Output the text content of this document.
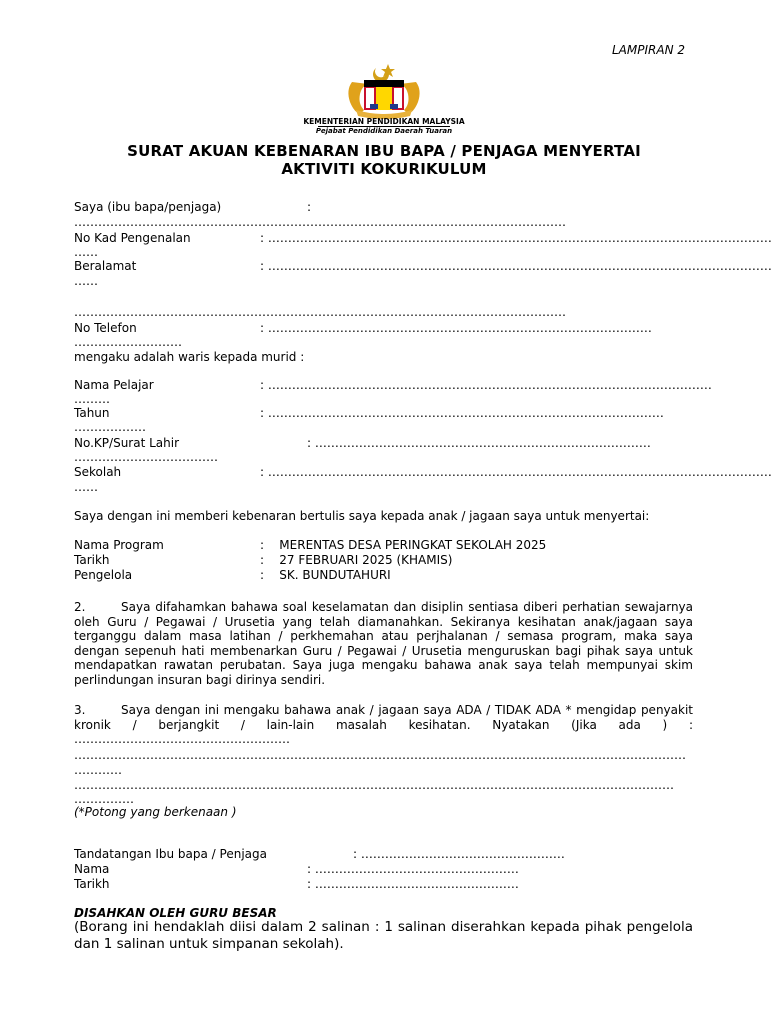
LAMPIRAN 2
KEMENTERIAN PENDIDIKAN MALAYSIA
Pejabat Pendidikan Daerah Tuaran
SURAT AKUAN KEBENARAN IBU BAPA / PENJAGA MENYERTAI
AKTIVITI KOKURIKULUM
Saya (ibu bapa/penjaga)	:
……………………………………………………………………………………………………………
No Kad Pengenalan	: ………………………………………………………………………………………………………………
……
Beralamat	: ………………………………………………………………………………………………………………
……
……………………………………………………………………………………………………………
No Telefon	: ……………………………………………………………………………………
………………………
mengaku adalah waris kepada murid :
Nama Pelajar	: …………………………………………………………………………………………………
………
Tahun	: ………………………………………………………………………………………
………………
No.KP/Surat Lahir	: …………………………………………………………………………
………………………………
Sekolah	: ………………………………………………………………………………………………………………
……
Saya dengan ini memberi kebenaran bertulis saya kepada anak / jagaan saya untuk menyertai:
Nama Program	:    MERENTAS DESA PERINGKAT SEKOLAH 2025
Tarikh	:    27 FEBRUARI 2025 (KHAMIS)
Pengelola	:    SK. BUNDUTAHURI

2.	Saya difahamkan bahawa soal keselamatan dan disiplin sentiasa diberi perhatian sewajarnya oleh Guru / Pegawai / Urusetia yang telah diamanahkan. Sekiranya kesihatan anak/jagaan saya terganggu dalam masa latihan / perkhemahan atau perjhalanan / semasa program, maka saya dengan sepenuh hati membenarkan Guru / Pegawai / Urusetia menguruskan bagi pihak saya untuk mendapatkan rawatan perubatan. Saya juga mengaku bahawa anak saya telah mempunyai skim perlindungan insuran bagi dirinya sendiri.

3.	Saya dengan ini mengaku bahawa anak / jagaan saya ADA / TIDAK ADA * mengidap penyakit kronik / berjangkit / lain-lain masalah kesihatan. Nyatakan (Jika ada ) : ………………………………………………

………………………………………………………………………………………………………………………………………
…………
……………………………………………………………………………………………………………………………………
……………
(*Potong yang berkenaan )
Tandatangan Ibu bapa / Penjaga	: ……………………………………………
Nama	: ……………………………………………
Tarikh	: ……………………………………………
DISAHKAN OLEH GURU BESAR
(Borang ini hendaklah diisi dalam 2 salinan : 1 salinan diserahkan kepada pihak pengelola dan 1 salinan untuk simpanan sekolah).
